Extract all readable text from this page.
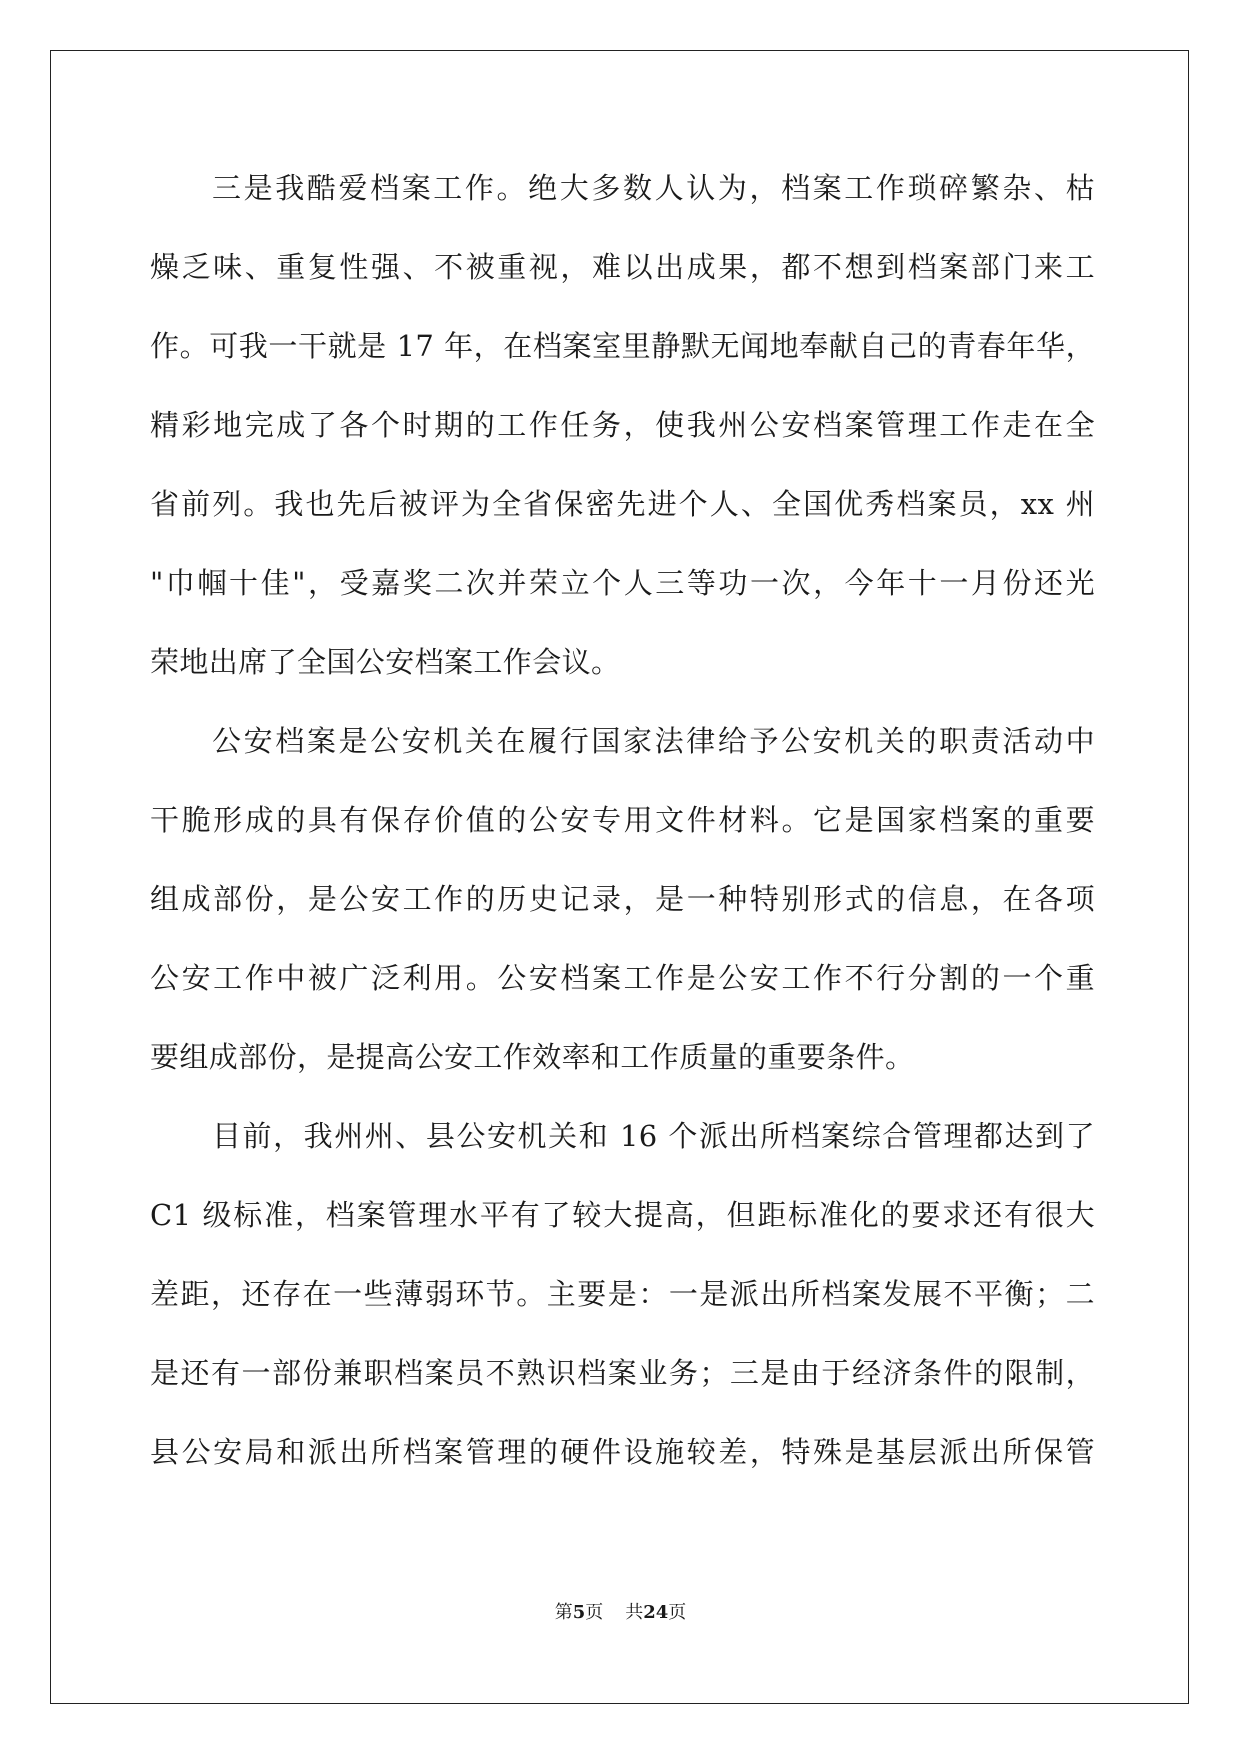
三是我酷爱档案工作。绝大多数人认为，档案工作琐碎繁杂、枯
燥乏味、重复性强、不被重视，难以出成果，都不想到档案部门来工
作。可我一干就是 17 年，在档案室里静默无闻地奉献自己的青春年华，
精彩地完成了各个时期的工作任务，使我州公安档案管理工作走在全
省前列。我也先后被评为全省保密先进个人、全国优秀档案员，xx 州
"巾帼十佳"，受嘉奖二次并荣立个人三等功一次，今年十一月份还光
荣地出席了全国公安档案工作会议。
公安档案是公安机关在履行国家法律给予公安机关的职责活动中
干脆形成的具有保存价值的公安专用文件材料。它是国家档案的重要
组成部份，是公安工作的历史记录，是一种特别形式的信息，在各项
公安工作中被广泛利用。公安档案工作是公安工作不行分割的一个重
要组成部份，是提高公安工作效率和工作质量的重要条件。
目前，我州州、县公安机关和 16 个派出所档案综合管理都达到了
C1 级标准，档案管理水平有了较大提高，但距标准化的要求还有很大
差距，还存在一些薄弱环节。主要是：一是派出所档案发展不平衡；二
是还有一部份兼职档案员不熟识档案业务；三是由于经济条件的限制，
县公安局和派出所档案管理的硬件设施较差，特殊是基层派出所保管
第5页 共24页
